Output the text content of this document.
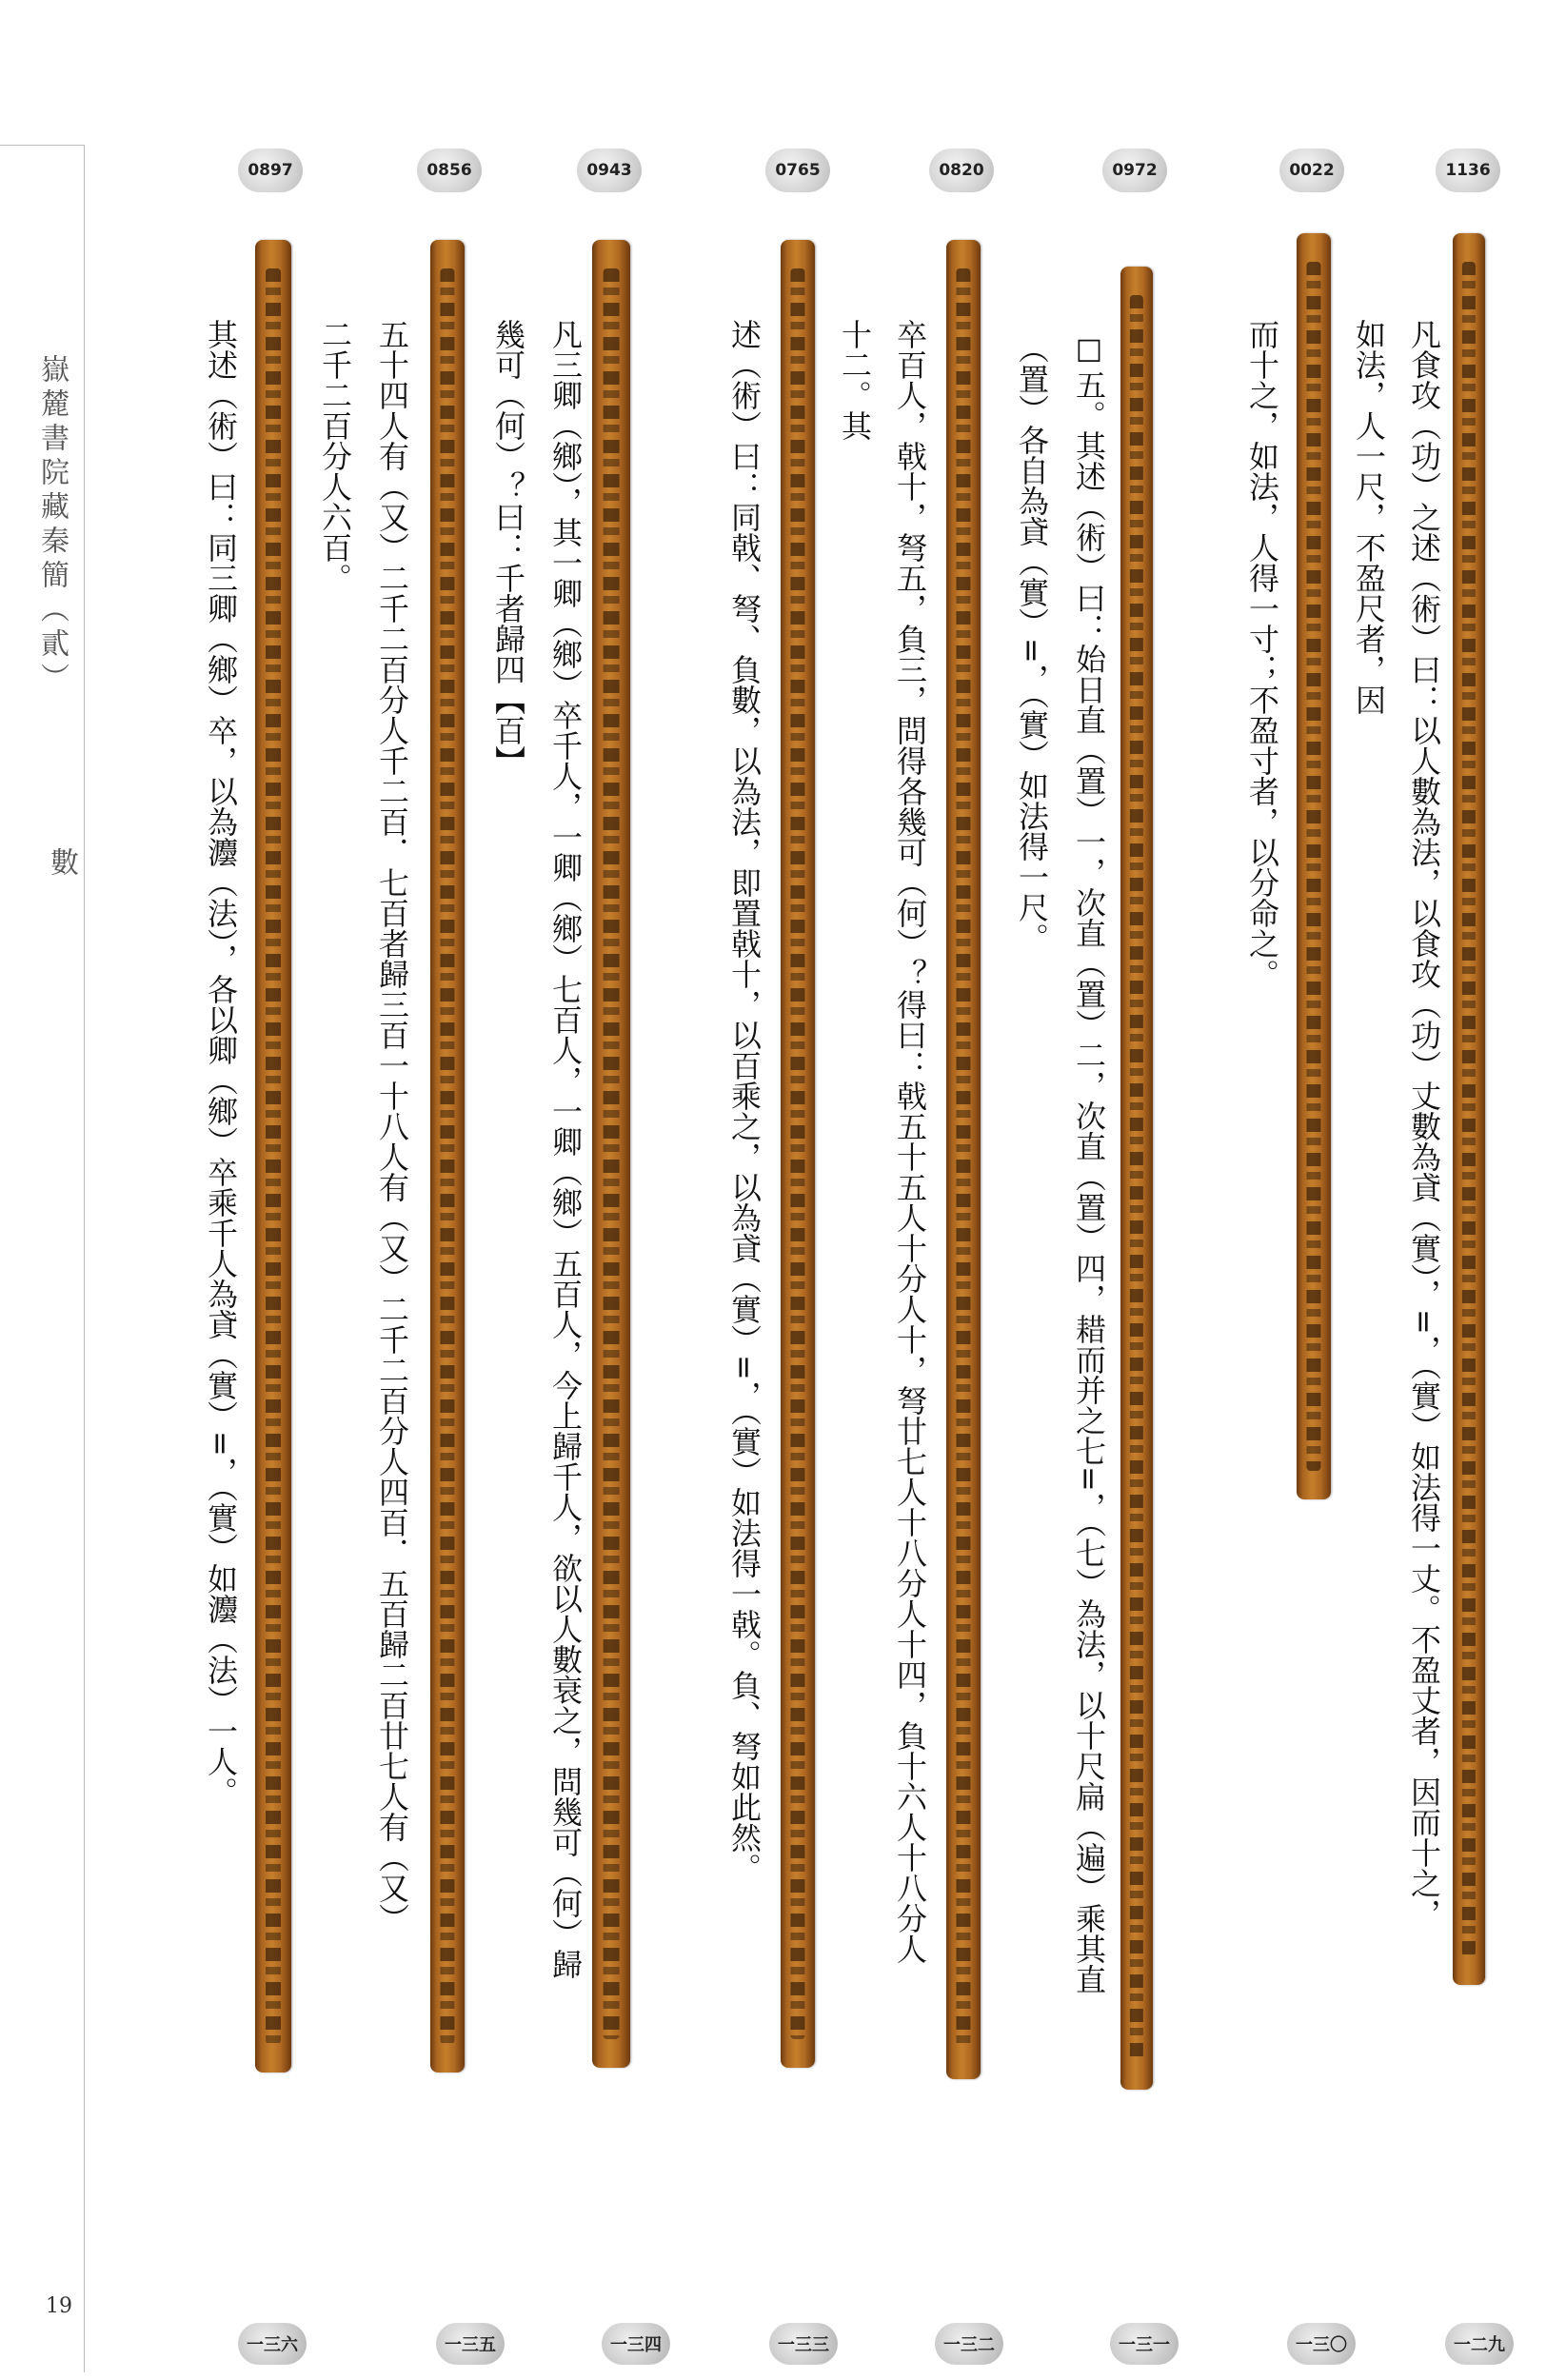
嶽麓書院藏秦簡（貳）
數
19
1136
凡食攻（功）之述（術）曰：以人數為法，以食攻（功）丈數為貣（實），=，（實）如法得一丈。不盈丈者，因而十之，
如法，人一尺，不盈尺者，因
一二九
0022
而十之，如法，人得一寸；不盈寸者，以分命之。
一三〇
0972
☐五。其述（術）曰：始日直（置）一，次直（置）二，次直（置）四，耤而并之七=，（七）為法，以十尺扁（遍）乘其直
（置）各自為貣（實）=，（實）如法得一尺。
一三一
0820
卒百人，戟十，弩五，負三，問得各幾可（何）？得曰：戟五十五人十分人十，弩廿七人十八分人十四，負十六人十八分人
十二。其
一三二
0765
述（術）曰：同戟、弩、負數，以為法，即置戟十，以百乘之，以為貣（實）=，（實）如法得一戟。負、弩如此然。
一三三
0943
凡三卿（鄉），其一卿（鄉）卒千人，一卿（鄉）七百人，一卿（鄉）五百人，今上歸千人，欲以人數衰之，問幾可（何）歸
幾可（何）？曰：千者歸四【百】
一三四
0856
五十四人有（又）二千二百分人千二百．七百者歸三百一十八人有（又）二千二百分人四百．五百歸二百廿七人有（又）
二千二百分人六百。
一三五
0897
其述（術）曰：同三卿（鄉）卒，以為灋（法），各以卿（鄉）卒乘千人為貣（實）=，（實）如灋（法）一人。
一三六
